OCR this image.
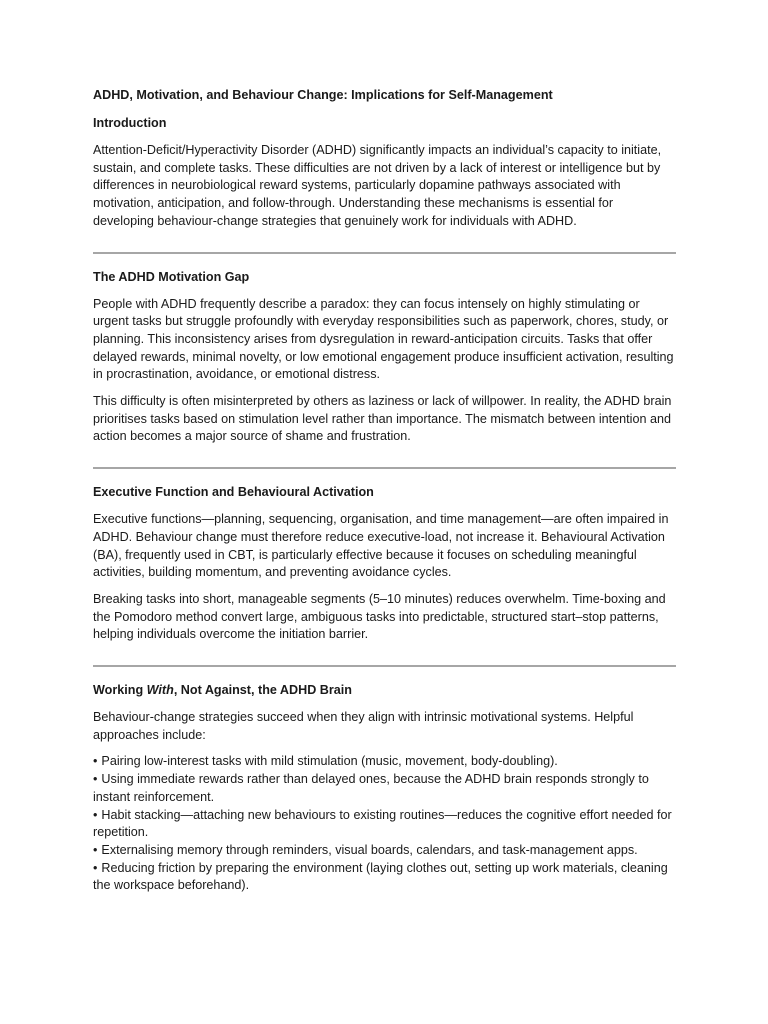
ADHD, Motivation, and Behaviour Change: Implications for Self-Management
Introduction

Attention-Deficit/Hyperactivity Disorder (ADHD) significantly impacts an individual’s capacity to initiate, sustain, and complete tasks. These difficulties are not driven by a lack of interest or intelligence but by differences in neurobiological reward systems, particularly dopamine pathways associated with motivation, anticipation, and follow-through. Understanding these mechanisms is essential for developing behaviour-change strategies that genuinely work for individuals with ADHD.

The ADHD Motivation Gap

People with ADHD frequently describe a paradox: they can focus intensely on highly stimulating or urgent tasks but struggle profoundly with everyday responsibilities such as paperwork, chores, study, or planning. This inconsistency arises from dysregulation in reward-anticipation circuits. Tasks that offer delayed rewards, minimal novelty, or low emotional engagement produce insufficient activation, resulting in procrastination, avoidance, or emotional distress.

This difficulty is often misinterpreted by others as laziness or lack of willpower. In reality, the ADHD brain prioritises tasks based on stimulation level rather than importance. The mismatch between intention and action becomes a major source of shame and frustration.

Executive Function and Behavioural Activation

Executive functions—planning, sequencing, organisation, and time management—are often impaired in ADHD. Behaviour change must therefore reduce executive-load, not increase it. Behavioural Activation (BA), frequently used in CBT, is particularly effective because it focuses on scheduling meaningful activities, building momentum, and preventing avoidance cycles.

Breaking tasks into short, manageable segments (5–10 minutes) reduces overwhelm. Time-boxing and the Pomodoro method convert large, ambiguous tasks into predictable, structured start–stop patterns, helping individuals overcome the initiation barrier.

Working With, Not Against, the ADHD Brain

Behaviour-change strategies succeed when they align with intrinsic motivational systems. Helpful approaches include:

• Pairing low-interest tasks with mild stimulation (music, movement, body-doubling).
• Using immediate rewards rather than delayed ones, because the ADHD brain responds strongly to instant reinforcement.
• Habit stacking—attaching new behaviours to existing routines—reduces the cognitive effort needed for repetition.
• Externalising memory through reminders, visual boards, calendars, and task-management apps.
• Reducing friction by preparing the environment (laying clothes out, setting up work materials, cleaning the workspace beforehand).
